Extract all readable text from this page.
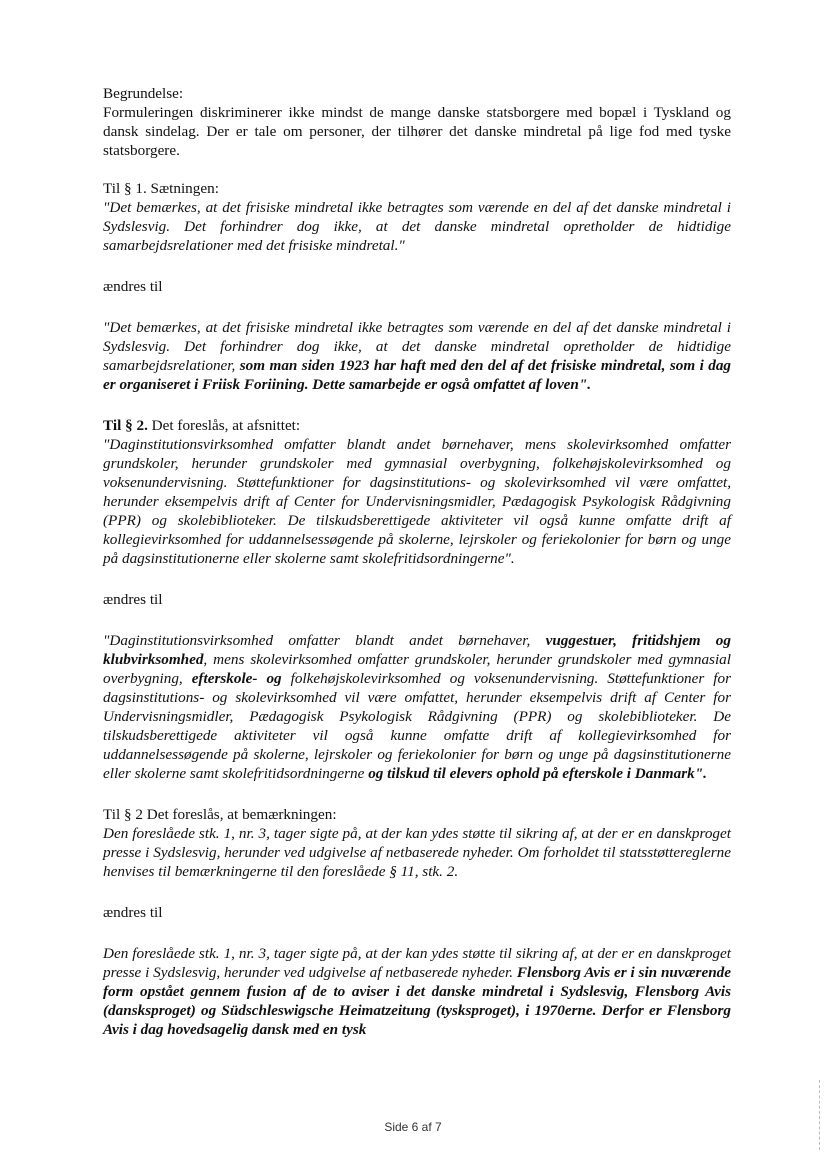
Begrundelse:

Formuleringen diskriminerer ikke mindst de mange danske statsborgere med bopæl i Tyskland og dansk sindelag. Der er tale om personer, der tilhører det danske mindretal på lige fod med tyske statsborgere.

Til § 1. Sætningen:

"Det bemærkes, at det frisiske mindretal ikke betragtes som værende en del af det danske mindretal i Sydslesvig. Det forhindrer dog ikke, at det danske mindretal opretholder de hidtidige samarbejdsrelationer med det frisiske mindretal."

ændres til

"Det bemærkes, at det frisiske mindretal ikke betragtes som værende en del af det danske mindretal i Sydslesvig. Det forhindrer dog ikke, at det danske mindretal opretholder de hidtidige samarbejdsrelationer, som man siden 1923 har haft med den del af det frisiske mindretal, som i dag er organiseret i Friisk Foriining. Dette samarbejde er også omfattet af loven".

Til § 2. Det foreslås, at afsnittet:

"Daginstitutionsvirksomhed omfatter blandt andet børnehaver, mens skolevirksomhed omfatter grundskoler, herunder grundskoler med gymnasial overbygning, folkehøjskolevirksomhed og voksenundervisning. Støttefunktioner for dagsinstitutions- og skolevirksomhed vil være omfattet, herunder eksempelvis drift af Center for Undervisningsmidler, Pædagogisk Psykologisk Rådgivning (PPR) og skolebiblioteker. De tilskudsberettigede aktiviteter vil også kunne omfatte drift af kollegievirksomhed for uddannelsessøgende på skolerne, lejrskoler og feriekolonier for børn og unge på dagsinstitutionerne eller skolerne samt skolefritidsordningerne".

ændres til

"Daginstitutionsvirksomhed omfatter blandt andet børnehaver, vuggestuer, fritidshjem og klubvirksomhed, mens skolevirksomhed omfatter grundskoler, herunder grundskoler med gymnasial overbygning, efterskole- og folkehøjskolevirksomhed og voksenundervisning. Støttefunktioner for dagsinstitutions- og skolevirksomhed vil være omfattet, herunder eksempelvis drift af Center for Undervisningsmidler, Pædagogisk Psykologisk Rådgivning (PPR) og skolebiblioteker. De tilskudsberettigede aktiviteter vil også kunne omfatte drift af kollegievirksomhed for uddannelsessøgende på skolerne, lejrskoler og feriekolonier for børn og unge på dagsinstitutionerne eller skolerne samt skolefritidsordningerne og tilskud til elevers ophold på efterskole i Danmark".

Til § 2 Det foreslås, at bemærkningen:

Den foreslåede stk. 1, nr. 3, tager sigte på, at der kan ydes støtte til sikring af, at der er en danskproget presse i Sydslesvig, herunder ved udgivelse af netbaserede nyheder. Om forholdet til statsstøttereglerne henvises til bemærkningerne til den foreslåede § 11, stk. 2.

ændres til

Den foreslåede stk. 1, nr. 3, tager sigte på, at der kan ydes støtte til sikring af, at der er en danskproget presse i Sydslesvig, herunder ved udgivelse af netbaserede nyheder. Flensborg Avis er i sin nuværende form opstået gennem fusion af de to aviser i det danske mindretal i Sydslesvig, Flensborg Avis (dansksproget) og Südschleswigsche Heimatzeitung (tysksproget), i 1970erne. Derfor er Flensborg Avis i dag hovedsagelig dansk med en tysk

Side 6 af 7
